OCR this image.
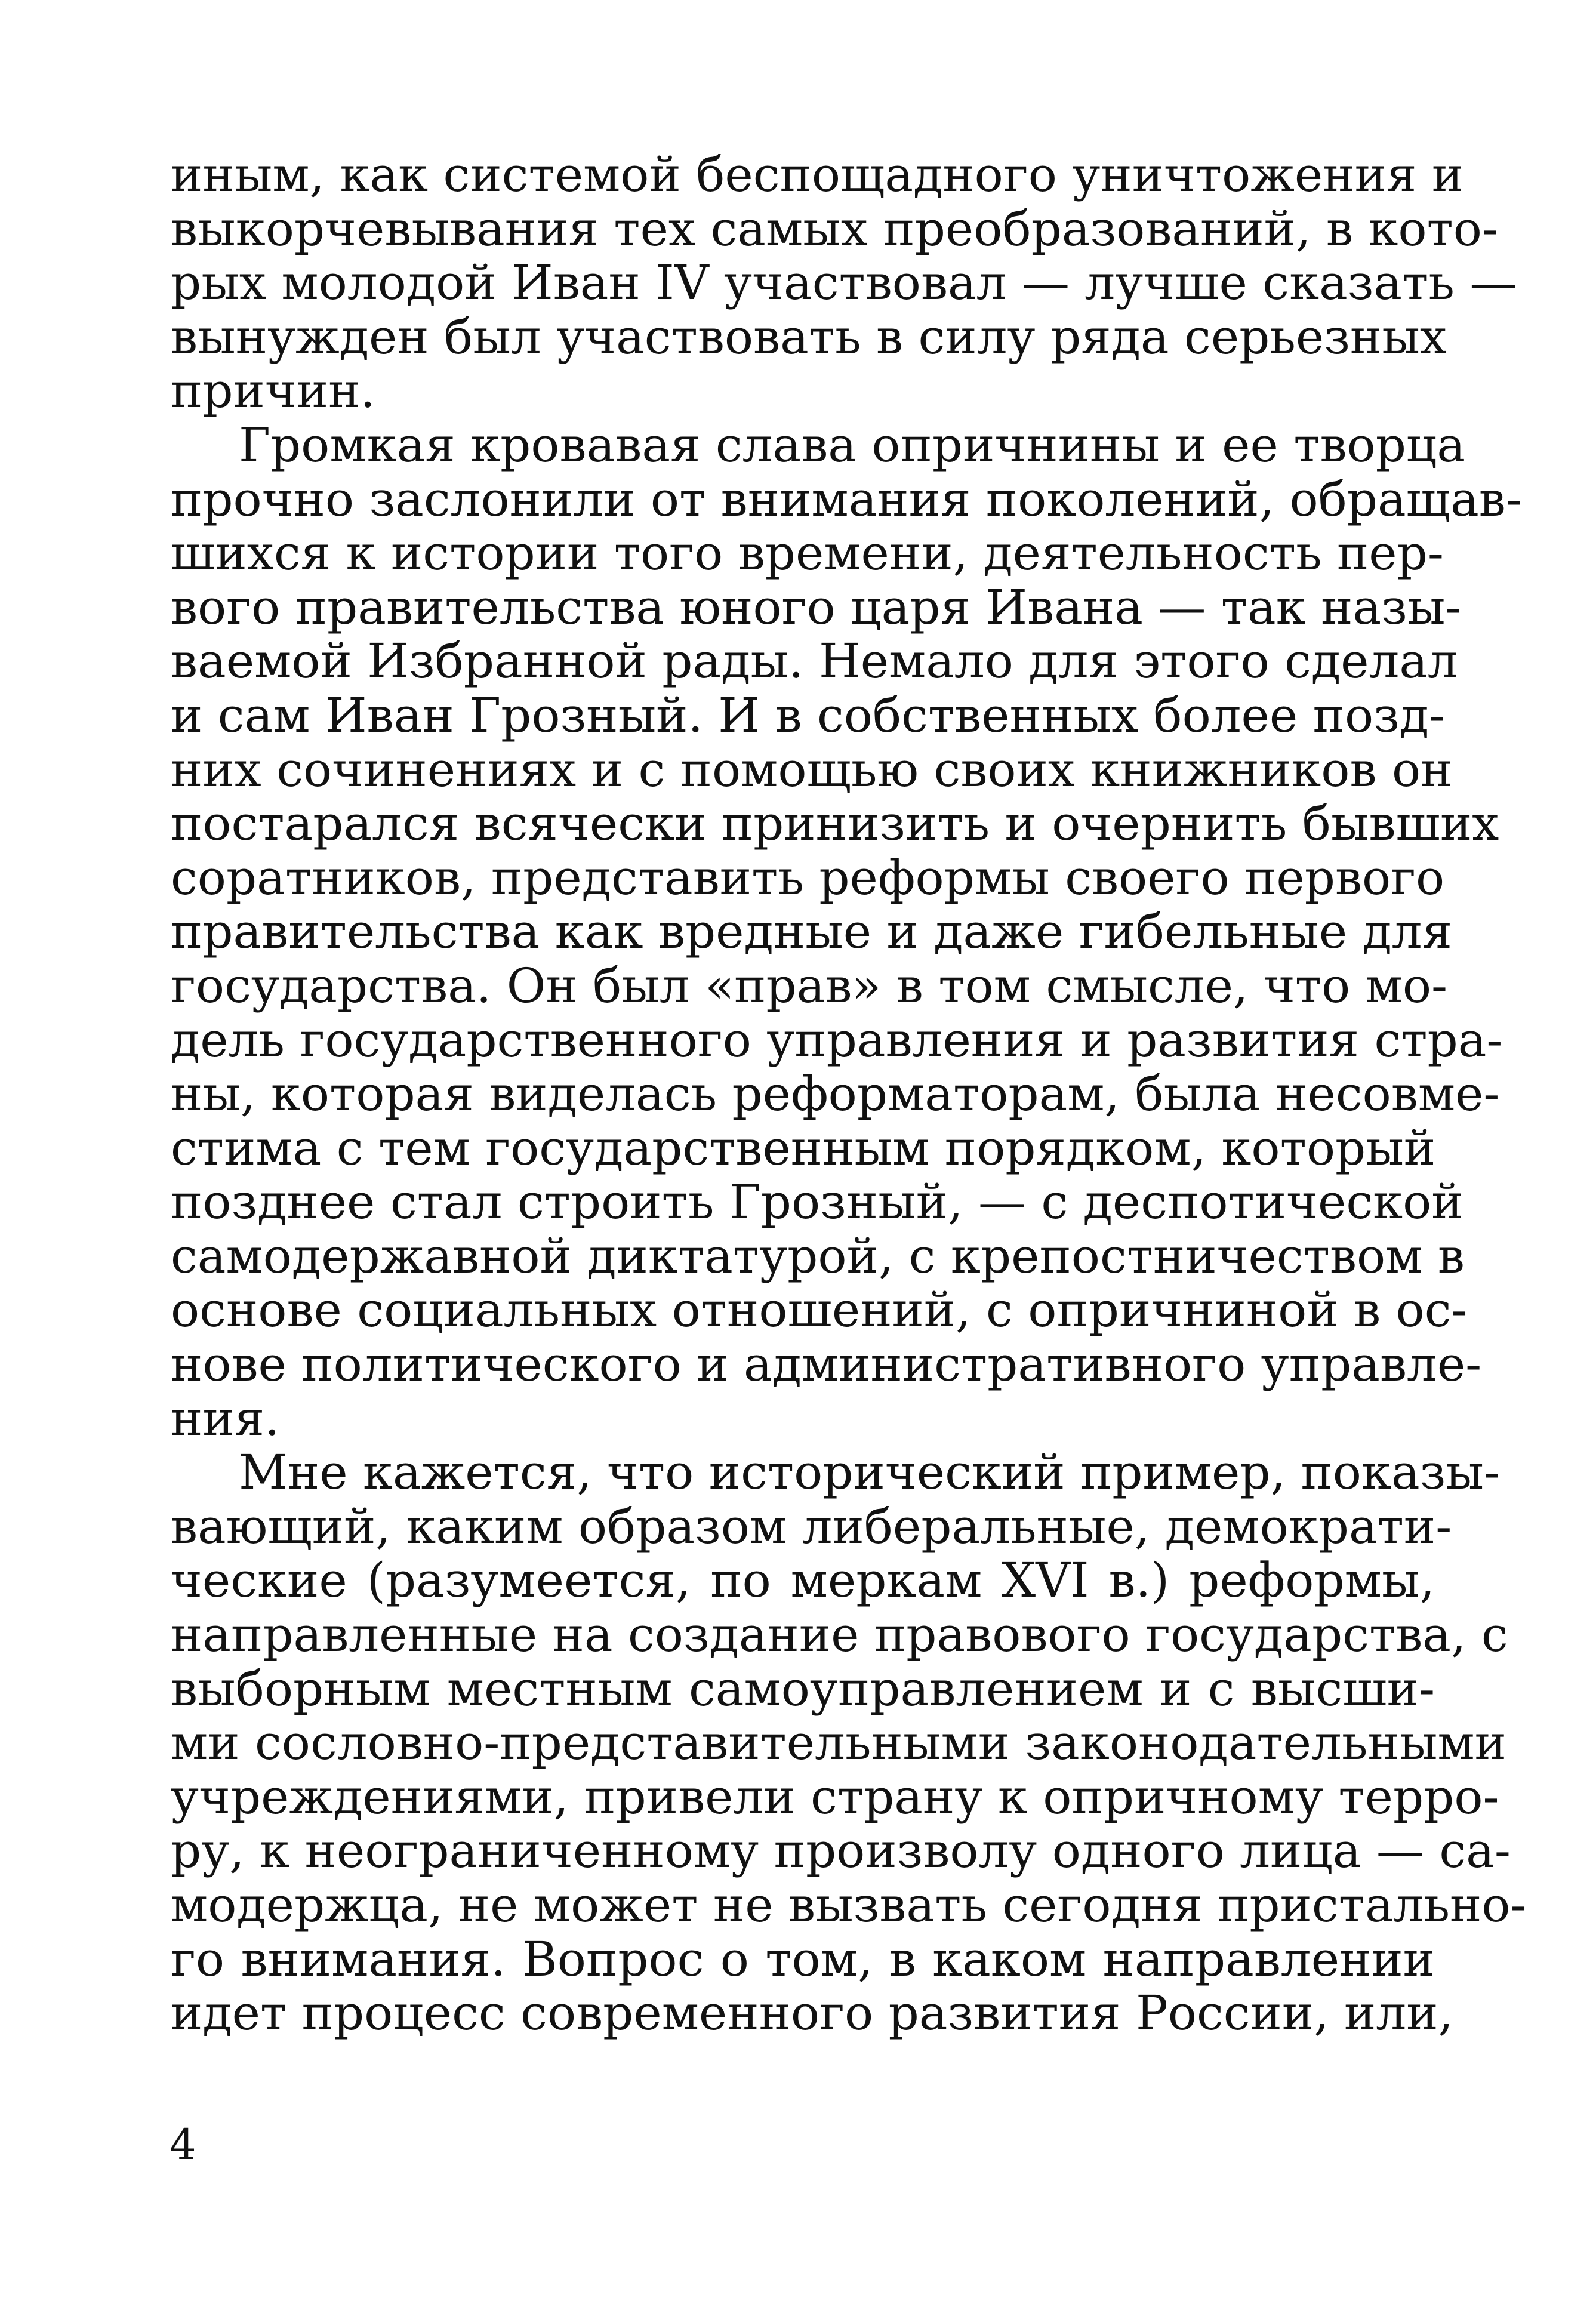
иным, как системой беспощадного уничтожения и
выкорчевывания тех самых преобразований, в кото-
рых молодой Иван IV участвовал — лучше сказать —
вынужден был участвовать в силу ряда серьезных
причин.
Громкая кровавая слава опричнины и ее творца
прочно заслонили от внимания поколений, обращав-
шихся к истории того времени, деятельность пер-
вого правительства юного царя Ивана — так назы-
ваемой Избранной рады. Немало для этого сделал
и сам Иван Грозный. И в собственных более позд-
них сочинениях и с помощью своих книжников он
постарался всячески принизить и очернить бывших
соратников, представить реформы своего первого
правительства как вредные и даже гибельные для
государства. Он был «прав» в том смысле, что мо-
дель государственного управления и развития стра-
ны, которая виделась реформаторам, была несовме-
стима с тем государственным порядком, который
позднее стал строить Грозный, — с деспотической
самодержавной диктатурой, с крепостничеством в
основе социальных отношений, с опричниной в ос-
нове политического и административного управле-
ния.
Мне кажется, что исторический пример, показы-
вающий, каким образом либеральные, демократи-
ческие (разумеется, по меркам XVI в.) реформы,
направленные на создание правового государства, с
выборным местным самоуправлением и с высши-
ми сословно-представительными законодательными
учреждениями, привели страну к опричному терро-
ру, к неограниченному произволу одного лица — са-
модержца, не может не вызвать сегодня пристально-
го внимания. Вопрос о том, в каком направлении
идет процесс современного развития России, или,
4
